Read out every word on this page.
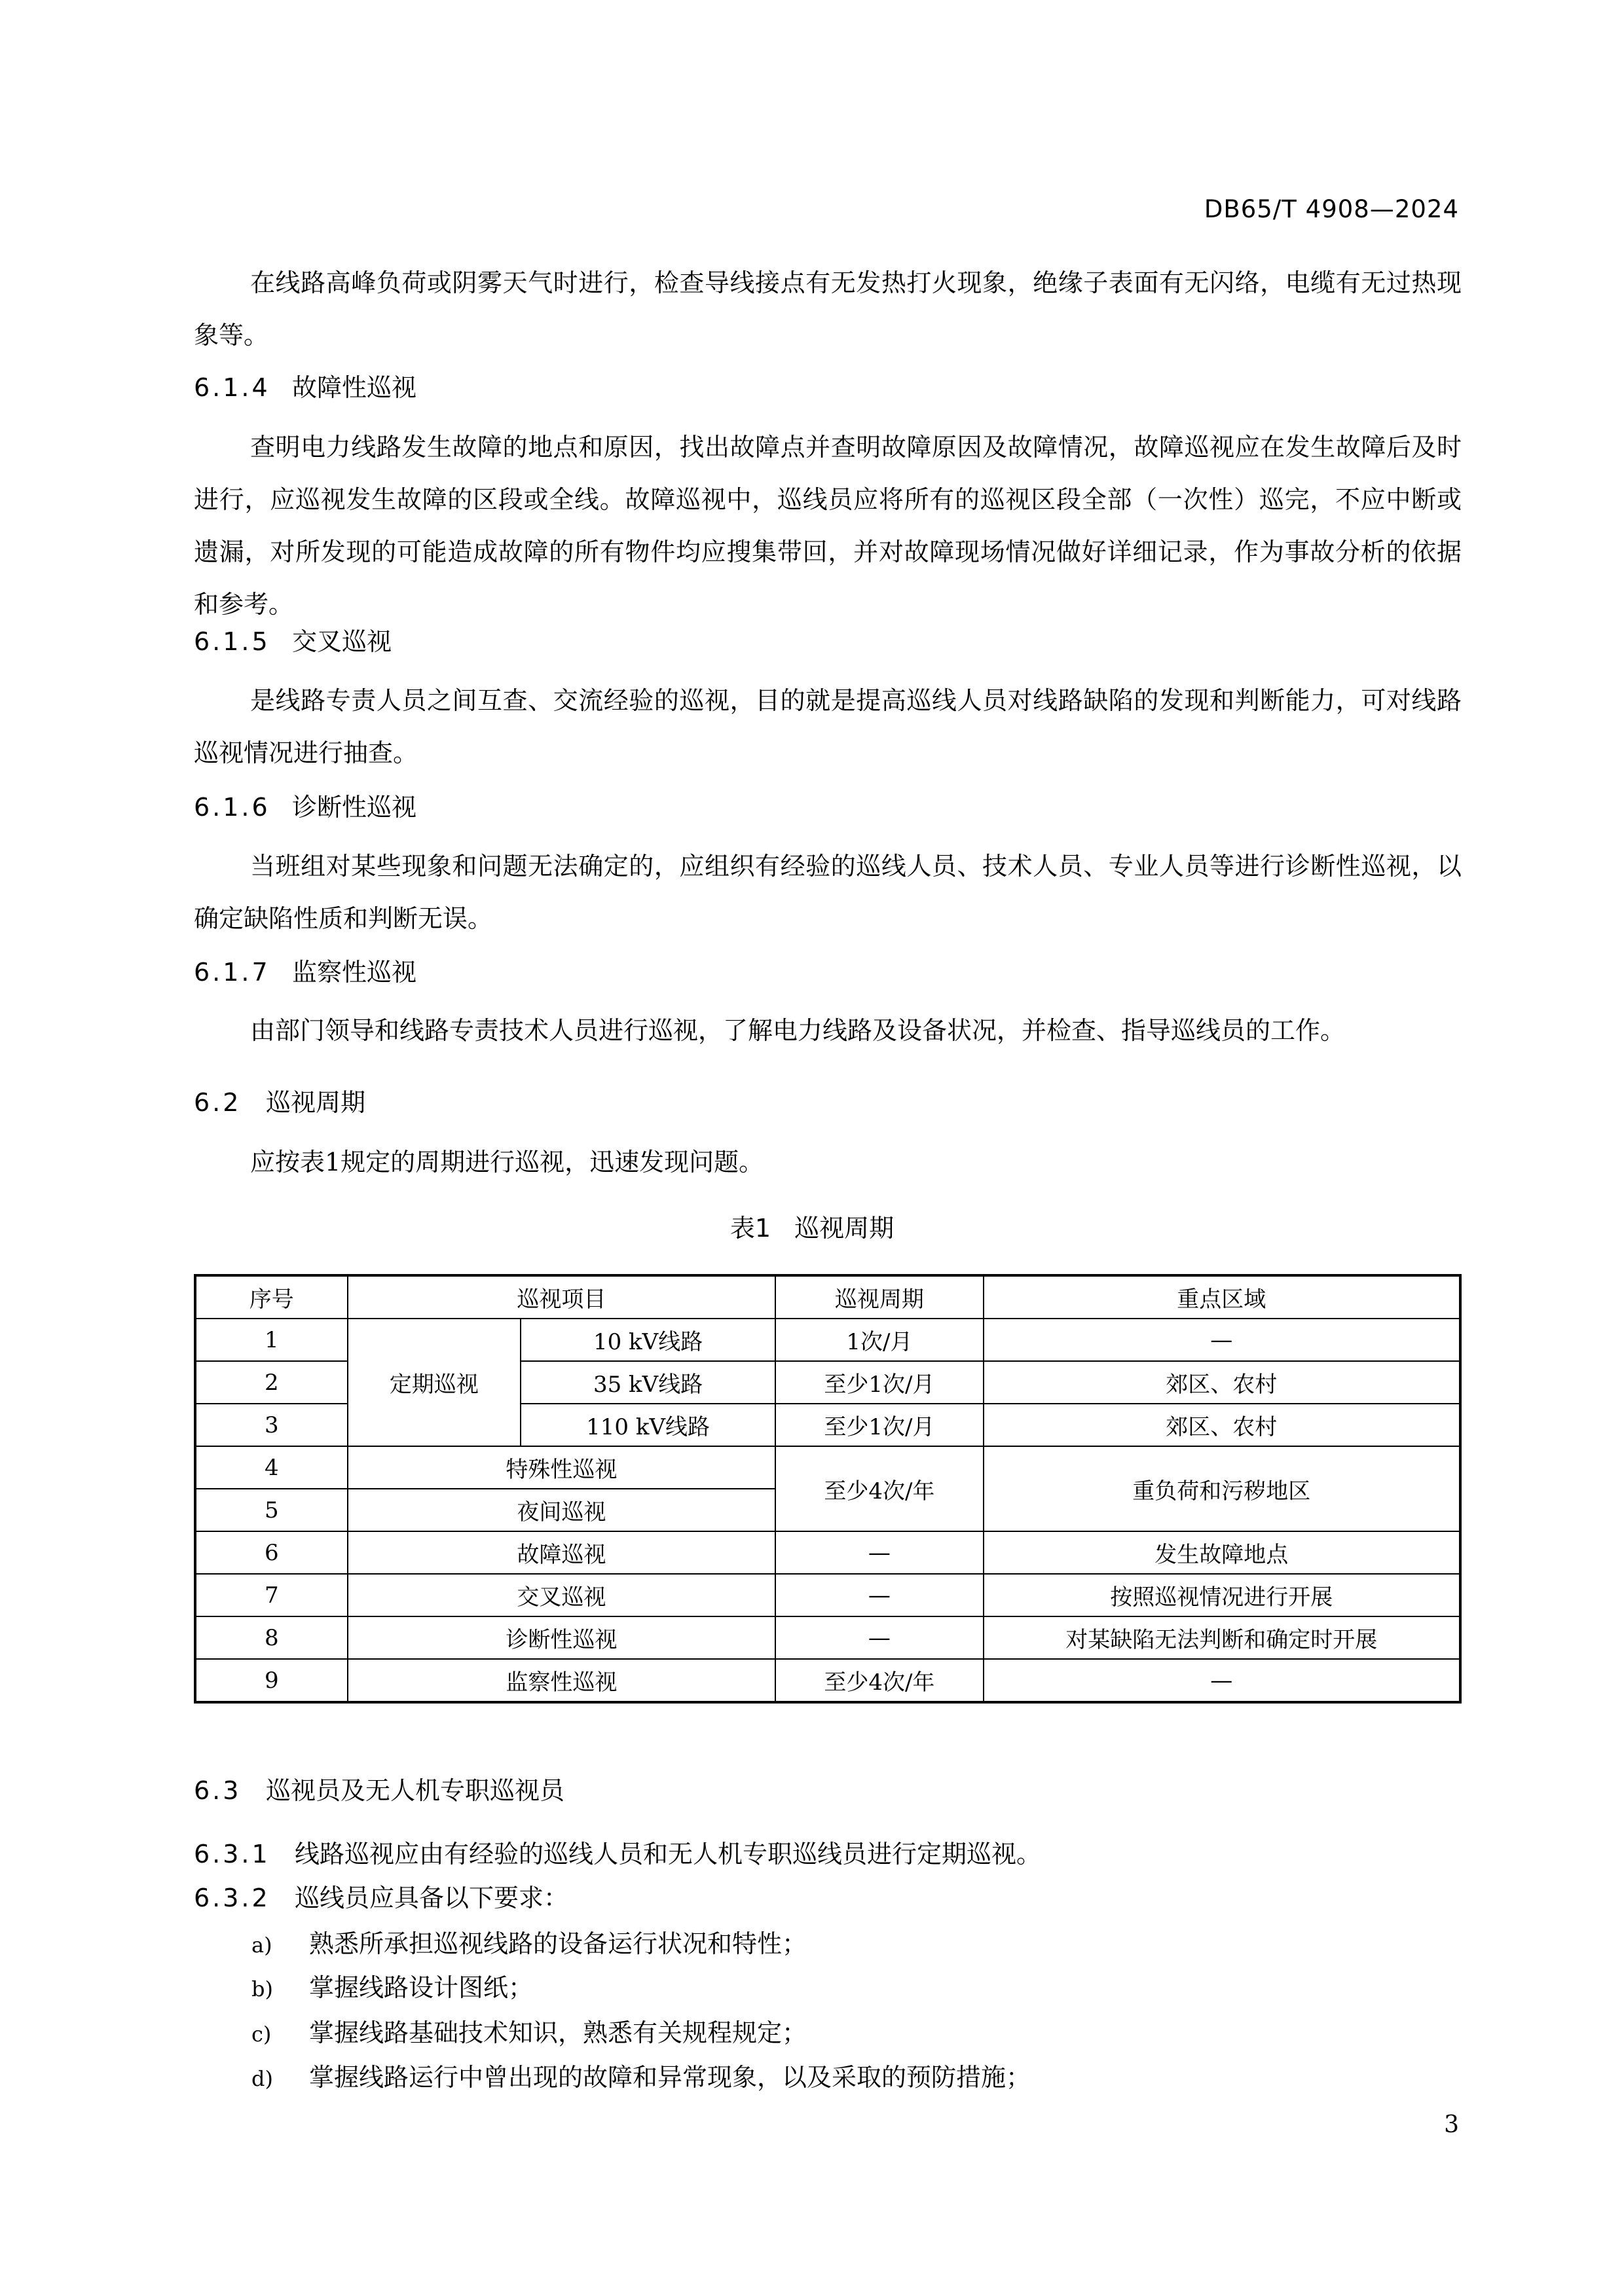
DB65/T 4908—2024

在线路高峰负荷或阴雾天气时进行，检查导线接点有无发热打火现象，绝缘子表面有无闪络，电缆有无过热现象等。

6.1.4 故障性巡视

查明电力线路发生故障的地点和原因，找出故障点并查明故障原因及故障情况，故障巡视应在发生故障后及时进行，应巡视发生故障的区段或全线。故障巡视中，巡线员应将所有的巡视区段全部（一次性）巡完，不应中断或遗漏，对所发现的可能造成故障的所有物件均应搜集带回，并对故障现场情况做好详细记录，作为事故分析的依据和参考。

6.1.5 交叉巡视

是线路专责人员之间互查、交流经验的巡视，目的就是提高巡线人员对线路缺陷的发现和判断能力，可对线路巡视情况进行抽查。

6.1.6 诊断性巡视

当班组对某些现象和问题无法确定的，应组织有经验的巡线人员、技术人员、专业人员等进行诊断性巡视，以确定缺陷性质和判断无误。

6.1.7 监察性巡视

由部门领导和线路专责技术人员进行巡视，了解电力线路及设备状况，并检查、指导巡线员的工作。

6.2 巡视周期

应按表1规定的周期进行巡视，迅速发现问题。

表1 巡视周期
序号	巡视项目		巡视周期	重点区域
1	定期巡视	10 kV线路	1次/月	—
2		35 kV线路	至少1次/月	郊区、农村
3		110 kV线路	至少1次/月	郊区、农村
4	特殊性巡视		至少4次/年	重负荷和污秽地区
5	夜间巡视			
6	故障巡视		—	发生故障地点
7	交叉巡视		—	按照巡视情况进行开展
8	诊断性巡视		—	对某缺陷无法判断和确定时开展
9	监察性巡视		至少4次/年	—
6.3 巡视员及无人机专职巡视员
6.3.1 线路巡视应由有经验的巡线人员和无人机专职巡线员进行定期巡视。
6.3.2 巡线员应具备以下要求：
a) 熟悉所承担巡视线路的设备运行状况和特性；
b) 掌握线路设计图纸；
c) 掌握线路基础技术知识，熟悉有关规程规定；
d) 掌握线路运行中曾出现的故障和异常现象，以及采取的预防措施；
3
